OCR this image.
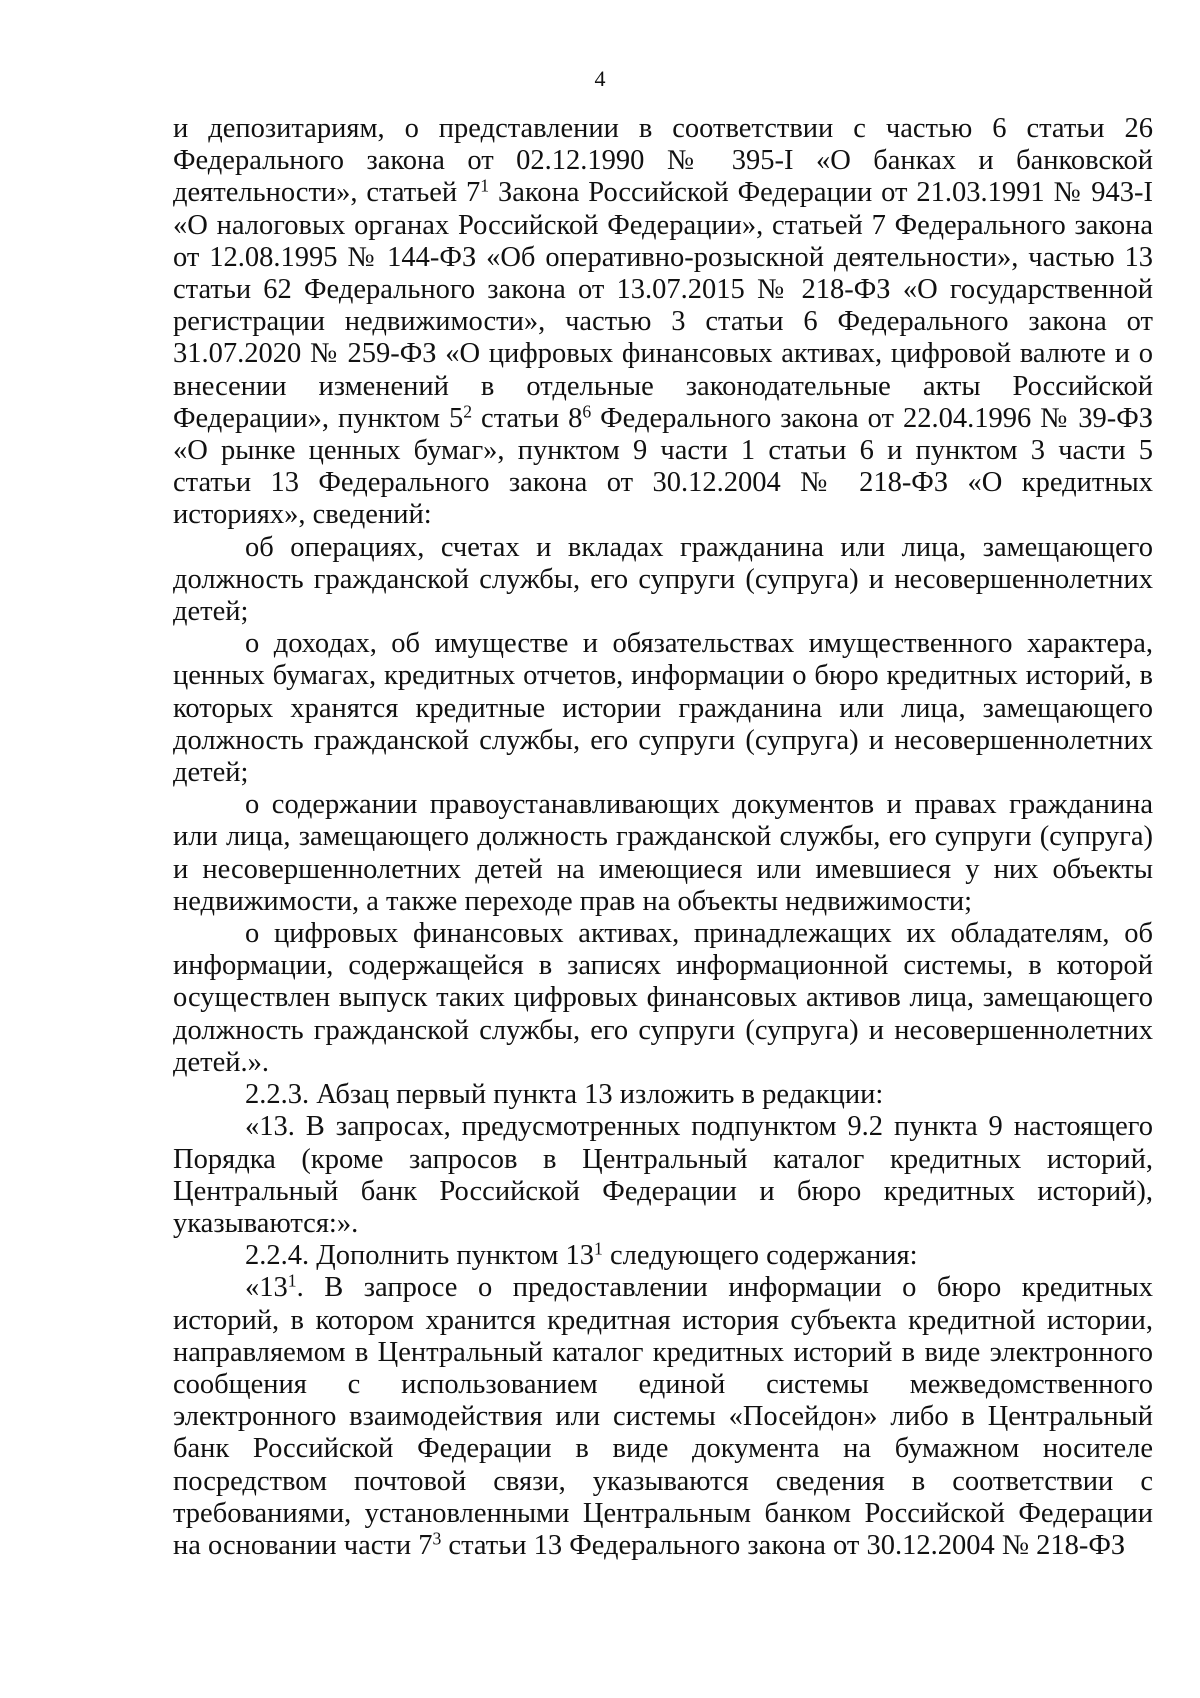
4

и депозитариям, о представлении в соответствии с частью 6 статьи 26 Федерального закона от 02.12.1990 № 395-I «О банках и банковской деятельности», статьей $7^1$ Закона Российской Федерации от 21.03.1991 № 943-I «О налоговых органах Российской Федерации», статьей 7 Федерального закона от 12.08.1995 № 144-ФЗ «Об оперативно-розыскной деятельности», частью 13 статьи 62 Федерального закона от 13.07.2015 № 218-ФЗ «О государственной регистрации недвижимости», частью 3 статьи 6 Федерального закона от 31.07.2020 № 259-ФЗ «О цифровых финансовых активах, цифровой валюте и о внесении изменений в отдельные законодательные акты Российской Федерации», пунктом $5^2$ статьи $8^6$ Федерального закона от 22.04.1996 № 39-ФЗ «О рынке ценных бумаг», пунктом 9 части 1 статьи 6 и пунктом 3 части 5 статьи 13 Федерального закона от 30.12.2004 № 218-ФЗ «О кредитных историях», сведений:

об операциях, счетах и вкладах гражданина или лица, замещающего должность гражданской службы, его супруги (супруга) и несовершеннолетних детей;

о доходах, об имуществе и обязательствах имущественного характера, ценных бумагах, кредитных отчетов, информации о бюро кредитных историй, в которых хранятся кредитные истории гражданина или лица, замещающего должность гражданской службы, его супруги (супруга) и несовершеннолетних детей;

о содержании правоустанавливающих документов и правах гражданина или лица, замещающего должность гражданской службы, его супруги (супруга) и несовершеннолетних детей на имеющиеся или имевшиеся у них объекты недвижимости, а также переходе прав на объекты недвижимости;

о цифровых финансовых активах, принадлежащих их обладателям, об информации, содержащейся в записях информационной системы, в которой осуществлен выпуск таких цифровых финансовых активов лица, замещающего должность гражданской службы, его супруги (супруга) и несовершеннолетних детей.».

2.2.3. Абзац первый пункта 13 изложить в редакции:

«13. В запросах, предусмотренных подпунктом 9.2 пункта 9 настоящего Порядка (кроме запросов в Центральный каталог кредитных историй, Центральный банк Российской Федерации и бюро кредитных историй), указываются:».

2.2.4. Дополнить пунктом $13^1$ следующего содержания:

«$13^1$. В запросе о предоставлении информации о бюро кредитных историй, в котором хранится кредитная история субъекта кредитной истории, направляемом в Центральный каталог кредитных историй в виде электронного сообщения с использованием единой системы межведомственного электронного взаимодействия или системы «Посейдон» либо в Центральный банк Российской Федерации в виде документа на бумажном носителе посредством почтовой связи, указываются сведения в соответствии с требованиями, установленными Центральным банком Российской Федерации на основании части $7^3$ статьи 13 Федерального закона от 30.12.2004 № 218-ФЗ
